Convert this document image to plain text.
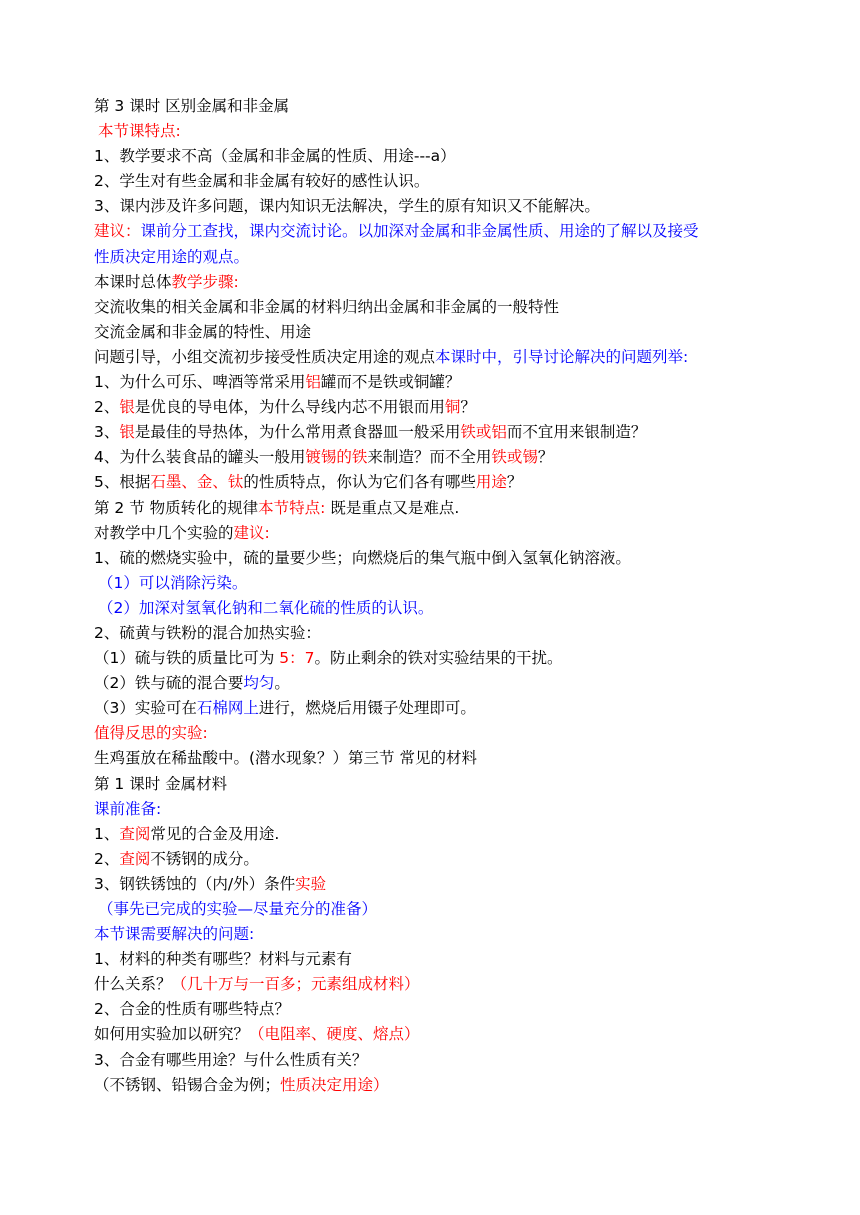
第 3 课时 区别金属和非金属
本节课特点:
1、教学要求不高（金属和非金属的性质、用途---a）
2、学生对有些金属和非金属有较好的感性认识。
3、课内涉及许多问题，课内知识无法解决，学生的原有知识又不能解决。
建议：课前分工查找，课内交流讨论。以加深对金属和非金属性质、用途的了解以及接受
性质决定用途的观点。
本课时总体教学步骤:
交流收集的相关金属和非金属的材料归纳出金属和非金属的一般特性
交流金属和非金属的特性、用途
问题引导，小组交流初步接受性质决定用途的观点本课时中，引导讨论解决的问题列举:
1、为什么可乐、啤酒等常采用铝罐而不是铁或铜罐？
2、银是优良的导电体，为什么导线内芯不用银而用铜？
3、银是最佳的导热体，为什么常用煮食器皿一般采用铁或铝而不宜用来银制造？
4、为什么装食品的罐头一般用镀锡的铁来制造？而不全用铁或锡？
5、根据石墨、金、钛的性质特点，你认为它们各有哪些用途？
第 2 节 物质转化的规律本节特点: 既是重点又是难点.
对教学中几个实验的建议:
1、硫的燃烧实验中，硫的量要少些；向燃烧后的集气瓶中倒入氢氧化钠溶液。
（1）可以消除污染。
（2）加深对氢氧化钠和二氧化硫的性质的认识。
2、硫黄与铁粉的混合加热实验：
（1）硫与铁的质量比可为 5：7。防止剩余的铁对实验结果的干扰。
（2）铁与硫的混合要均匀。
（3）实验可在石棉网上进行，燃烧后用镊子处理即可。
值得反思的实验:
生鸡蛋放在稀盐酸中。(潜水现象？）第三节 常见的材料
第 1 课时 金属材料
课前准备:
1、查阅常见的合金及用途.
2、查阅不锈钢的成分。
3、钢铁锈蚀的（内/外）条件实验
（事先已完成的实验—尽量充分的准备）
本节课需要解决的问题:
1、材料的种类有哪些？材料与元素有
什么关系？（几十万与一百多；元素组成材料）
2、合金的性质有哪些特点？
如何用实验加以研究？（电阻率、硬度、熔点）
3、合金有哪些用途？与什么性质有关？
（不锈钢、铅锡合金为例；性质决定用途）
